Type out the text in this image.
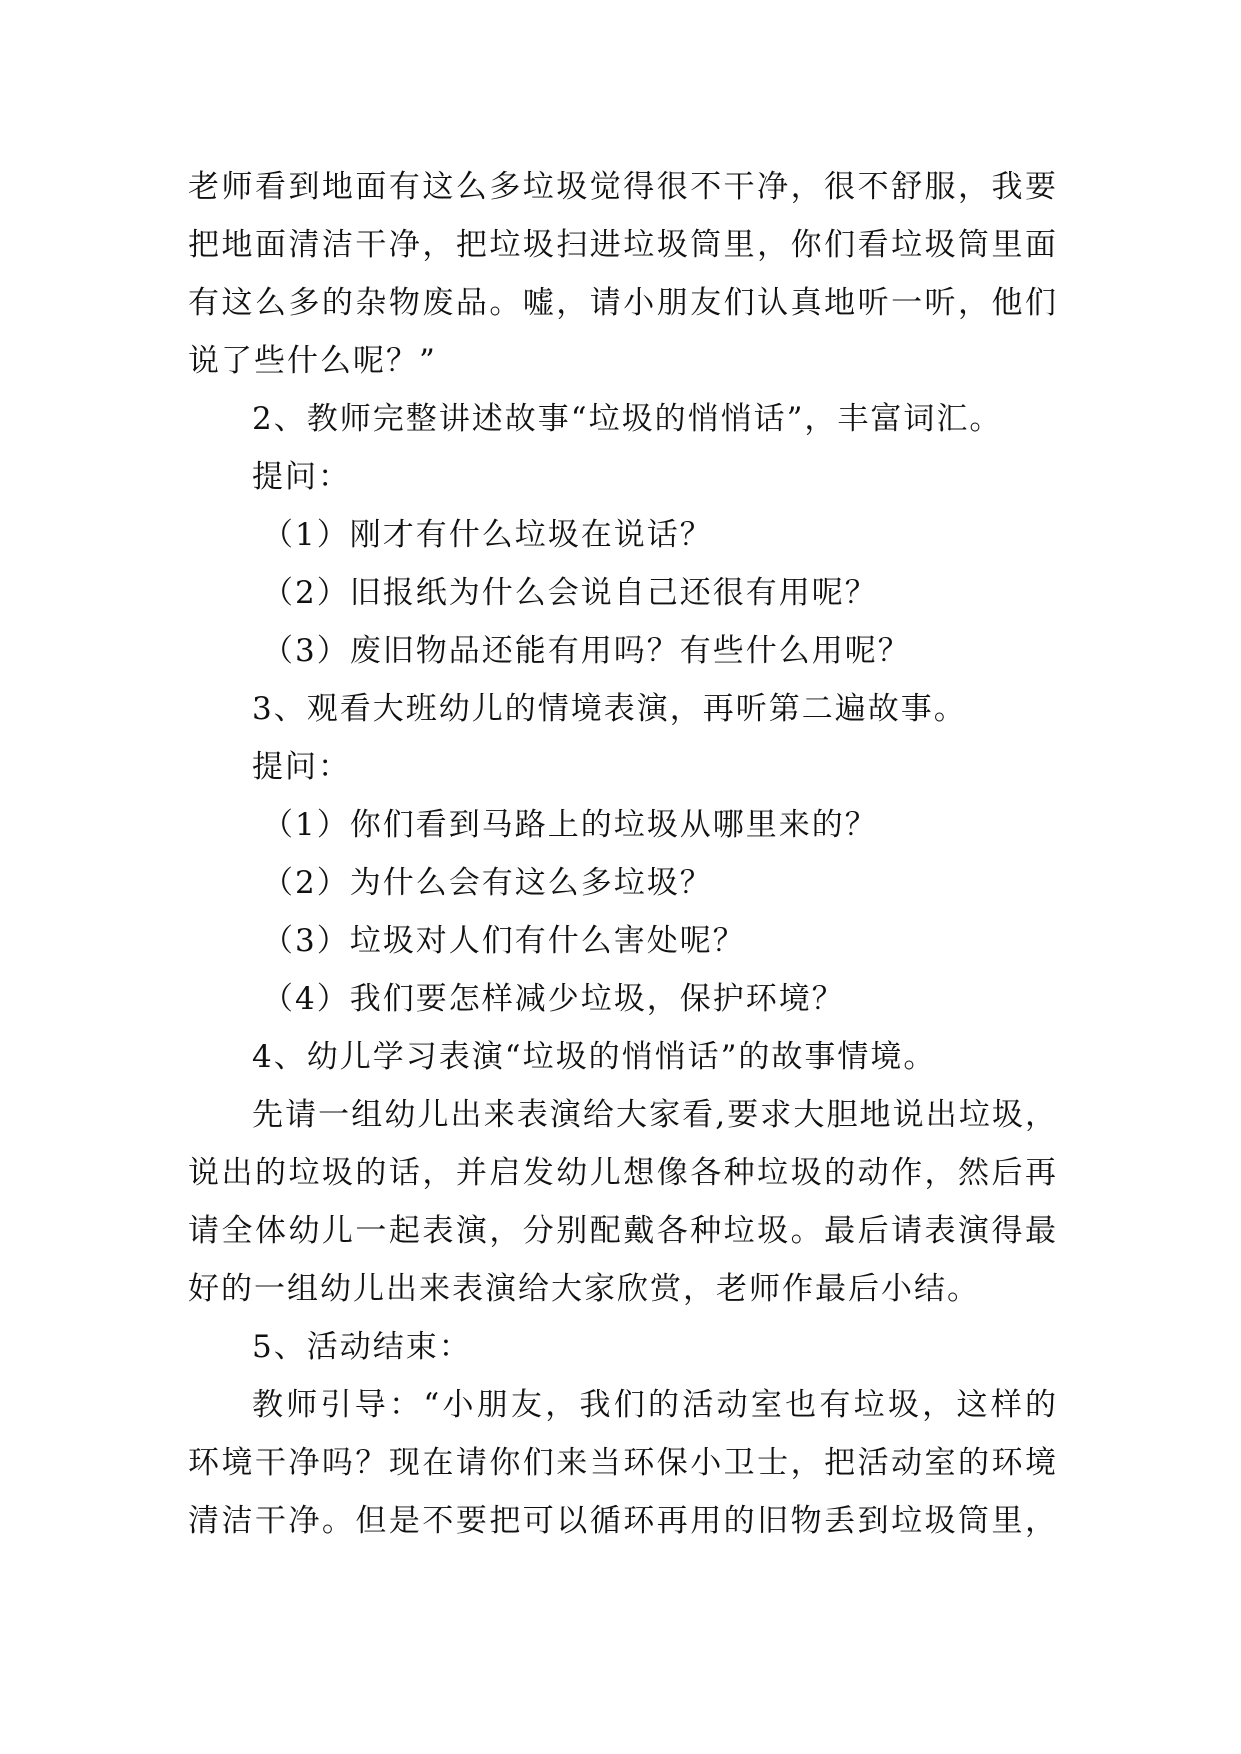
老师看到地面有这么多垃圾觉得很不干净，很不舒服，我要
把地面清洁干净，把垃圾扫进垃圾筒里，你们看垃圾筒里面
有这么多的杂物废品。嘘，请小朋友们认真地听一听，他们
说了些什么呢？”
2、教师完整讲述故事“垃圾的悄悄话”，丰富词汇。
提问：
（1）刚才有什么垃圾在说话？
（2）旧报纸为什么会说自己还很有用呢？
（3）废旧物品还能有用吗？有些什么用呢？
3、观看大班幼儿的情境表演，再听第二遍故事。
提问：
（1）你们看到马路上的垃圾从哪里来的？
（2）为什么会有这么多垃圾？
（3）垃圾对人们有什么害处呢？
（4）我们要怎样减少垃圾，保护环境？
4、幼儿学习表演“垃圾的悄悄话”的故事情境。
先请一组幼儿出来表演给大家看,要求大胆地说出垃圾，
说出的垃圾的话，并启发幼儿想像各种垃圾的动作，然后再
请全体幼儿一起表演，分别配戴各种垃圾。最后请表演得最
好的一组幼儿出来表演给大家欣赏，老师作最后小结。
5、活动结束：
教师引导：“小朋友，我们的活动室也有垃圾，这样的
环境干净吗？现在请你们来当环保小卫士，把活动室的环境
清洁干净。但是不要把可以循环再用的旧物丢到垃圾筒里，
